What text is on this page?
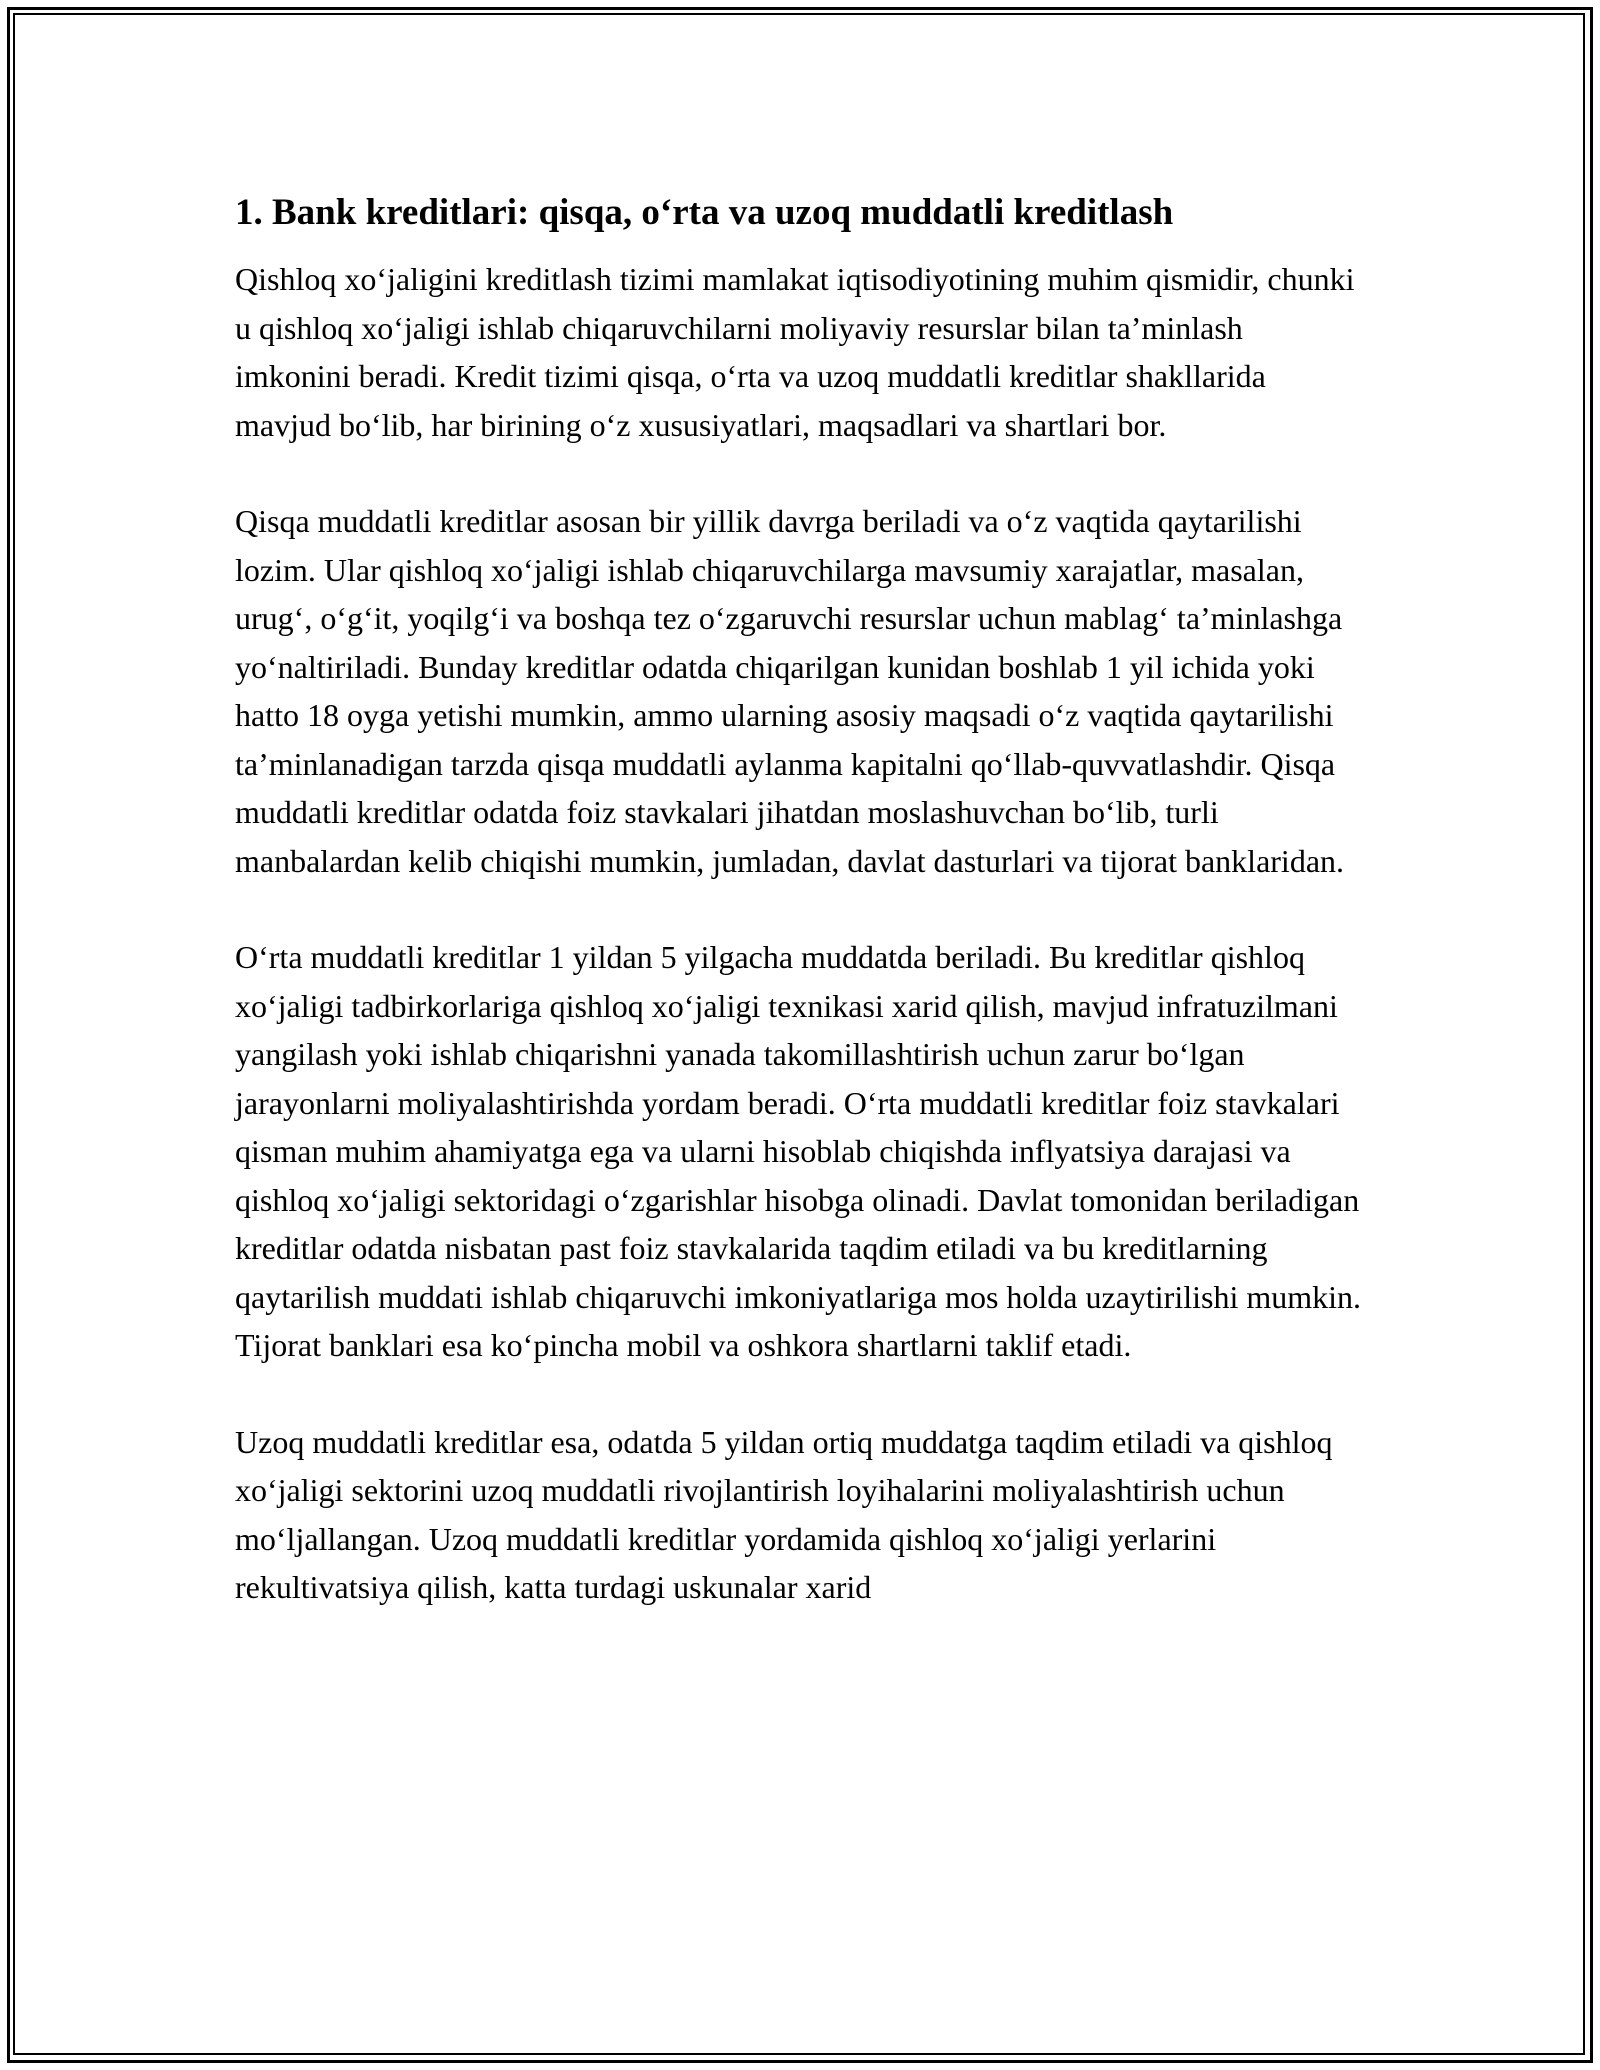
1. Bank kreditlari: qisqa, o‘rta va uzoq muddatli kreditlash

Qishloq xo‘jaligini kreditlash tizimi mamlakat iqtisodiyotining muhim qismidir, chunki u qishloq xo‘jaligi ishlab chiqaruvchilarni moliyaviy resurslar bilan ta’minlash imkonini beradi. Kredit tizimi qisqa, o‘rta va uzoq muddatli kreditlar shakllarida mavjud bo‘lib, har birining o‘z xususiyatlari, maqsadlari va shartlari bor.

Qisqa muddatli kreditlar asosan bir yillik davrga beriladi va o‘z vaqtida qaytarilishi lozim. Ular qishloq xo‘jaligi ishlab chiqaruvchilarga mavsumiy xarajatlar, masalan, urug‘, o‘g‘it, yoqilg‘i va boshqa tez o‘zgaruvchi resurslar uchun mablag‘ ta’minlashga yo‘naltiriladi. Bunday kreditlar odatda chiqarilgan kunidan boshlab 1 yil ichida yoki hatto 18 oyga yetishi mumkin, ammo ularning asosiy maqsadi o‘z vaqtida qaytarilishi ta’minlanadigan tarzda qisqa muddatli aylanma kapitalni qo‘llab-quvvatlashdir. Qisqa muddatli kreditlar odatda foiz stavkalari jihatdan moslashuvchan bo‘lib, turli manbalardan kelib chiqishi mumkin, jumladan, davlat dasturlari va tijorat banklaridan.

O‘rta muddatli kreditlar 1 yildan 5 yilgacha muddatda beriladi. Bu kreditlar qishloq xo‘jaligi tadbirkorlariga qishloq xo‘jaligi texnikasi xarid qilish, mavjud infratuzilmani yangilash yoki ishlab chiqarishni yanada takomillashtirish uchun zarur bo‘lgan jarayonlarni moliyalashtirishda yordam beradi. O‘rta muddatli kreditlar foiz stavkalari qisman muhim ahamiyatga ega va ularni hisoblab chiqishda inflyatsiya darajasi va qishloq xo‘jaligi sektoridagi o‘zgarishlar hisobga olinadi. Davlat tomonidan beriladigan kreditlar odatda nisbatan past foiz stavkalarida taqdim etiladi va bu kreditlarning qaytarilish muddati ishlab chiqaruvchi imkoniyatlariga mos holda uzaytirilishi mumkin. Tijorat banklari esa ko‘pincha mobil va oshkora shartlarni taklif etadi.

Uzoq muddatli kreditlar esa, odatda 5 yildan ortiq muddatga taqdim etiladi va qishloq xo‘jaligi sektorini uzoq muddatli rivojlantirish loyihalarini moliyalashtirish uchun mo‘ljallangan. Uzoq muddatli kreditlar yordamida qishloq xo‘jaligi yerlarini rekultivatsiya qilish, katta turdagi uskunalar xarid
